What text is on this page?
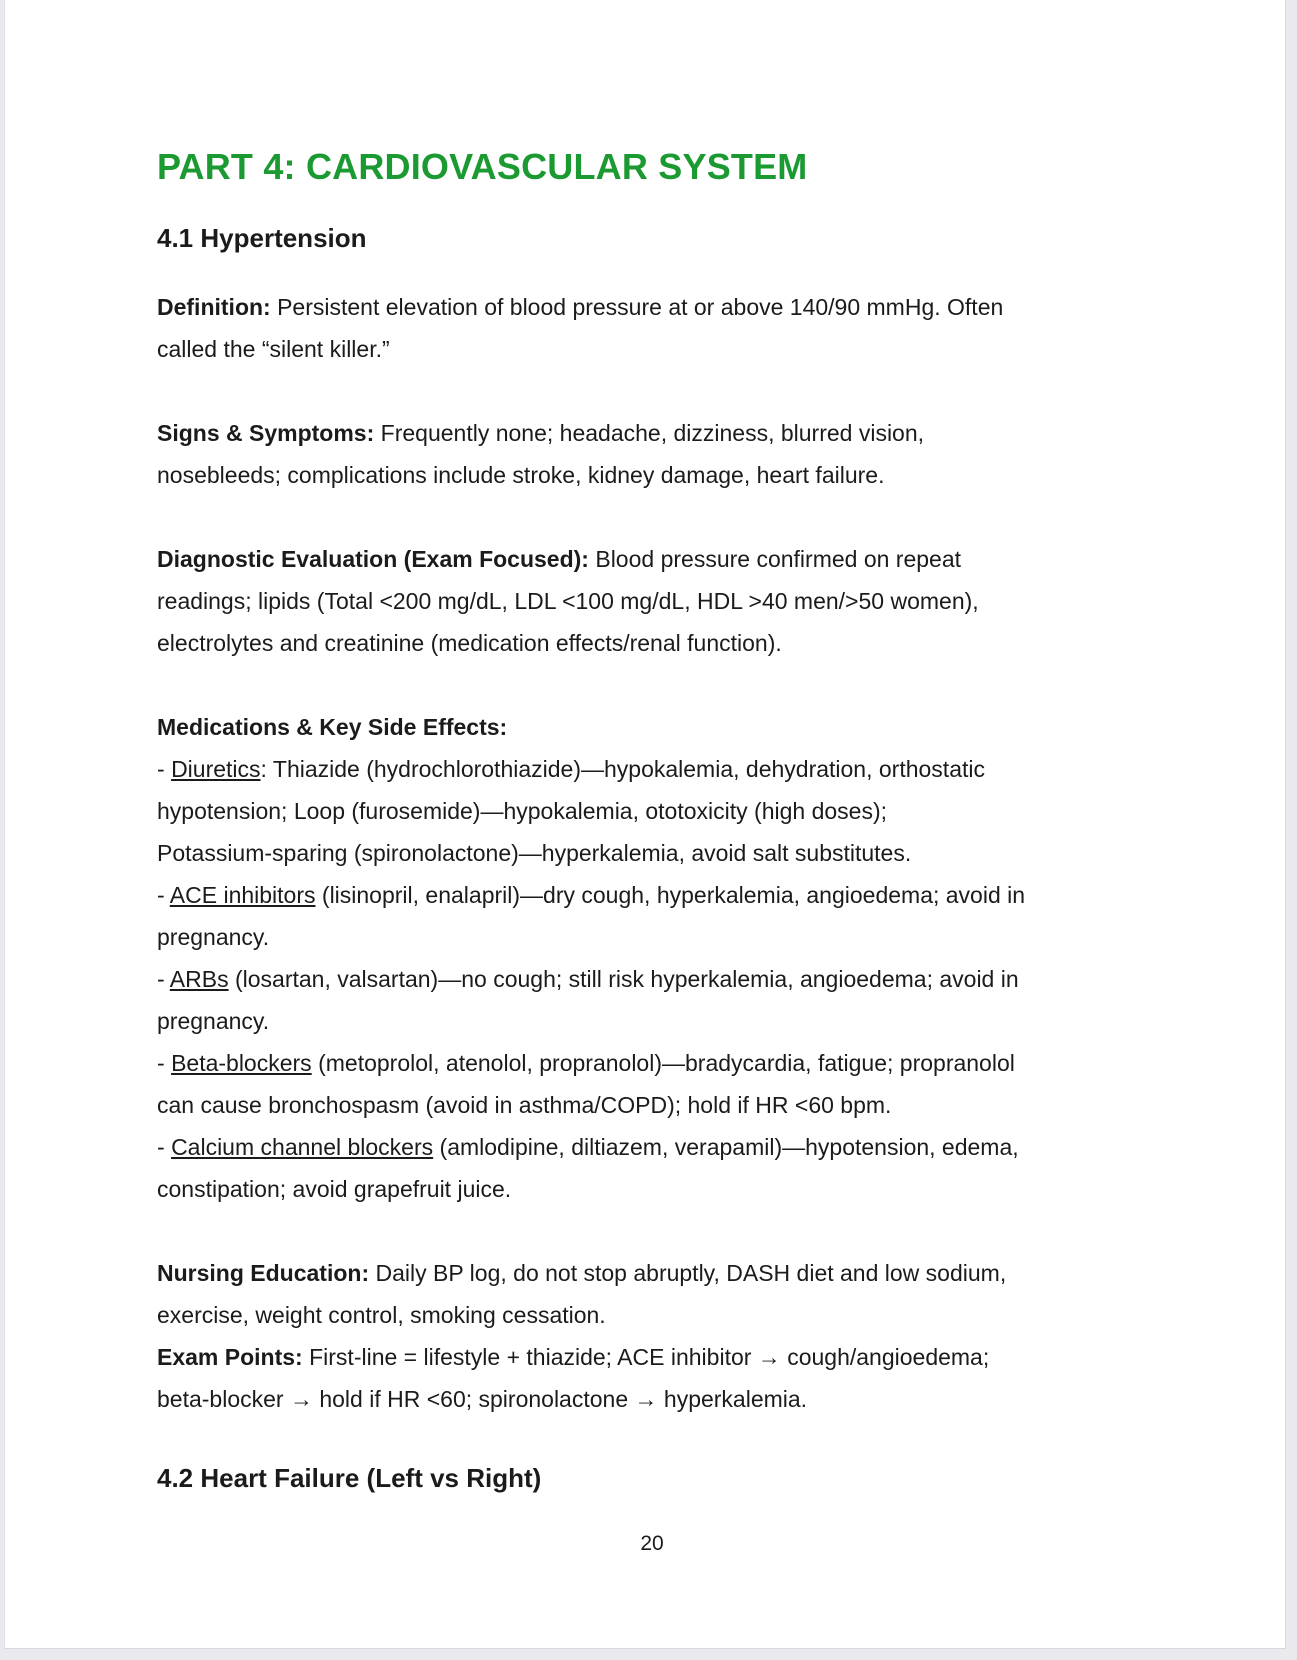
PART 4: CARDIOVASCULAR SYSTEM
4.1 Hypertension

Definition: Persistent elevation of blood pressure at or above 140/90 mmHg. Often
called the “silent killer.”

Signs & Symptoms: Frequently none; headache, dizziness, blurred vision,
nosebleeds; complications include stroke, kidney damage, heart failure.

Diagnostic Evaluation (Exam Focused): Blood pressure confirmed on repeat
readings; lipids (Total <200 mg/dL, LDL <100 mg/dL, HDL >40 men/>50 women),
electrolytes and creatinine (medication effects/renal function).

Medications & Key Side Effects:
- Diuretics: Thiazide (hydrochlorothiazide)—hypokalemia, dehydration, orthostatic
hypotension; Loop (furosemide)—hypokalemia, ototoxicity (high doses);
Potassium-sparing (spironolactone)—hyperkalemia, avoid salt substitutes.
- ACE inhibitors (lisinopril, enalapril)—dry cough, hyperkalemia, angioedema; avoid in
pregnancy.
- ARBs (losartan, valsartan)—no cough; still risk hyperkalemia, angioedema; avoid in
pregnancy.
- Beta-blockers (metoprolol, atenolol, propranolol)—bradycardia, fatigue; propranolol
can cause bronchospasm (avoid in asthma/COPD); hold if HR <60 bpm.
- Calcium channel blockers (amlodipine, diltiazem, verapamil)—hypotension, edema,
constipation; avoid grapefruit juice.

Nursing Education: Daily BP log, do not stop abruptly, DASH diet and low sodium,
exercise, weight control, smoking cessation.
Exam Points: First-line = lifestyle + thiazide; ACE inhibitor → cough/angioedema;
beta-blocker → hold if HR <60; spironolactone → hyperkalemia.

4.2 Heart Failure (Left vs Right)
20
